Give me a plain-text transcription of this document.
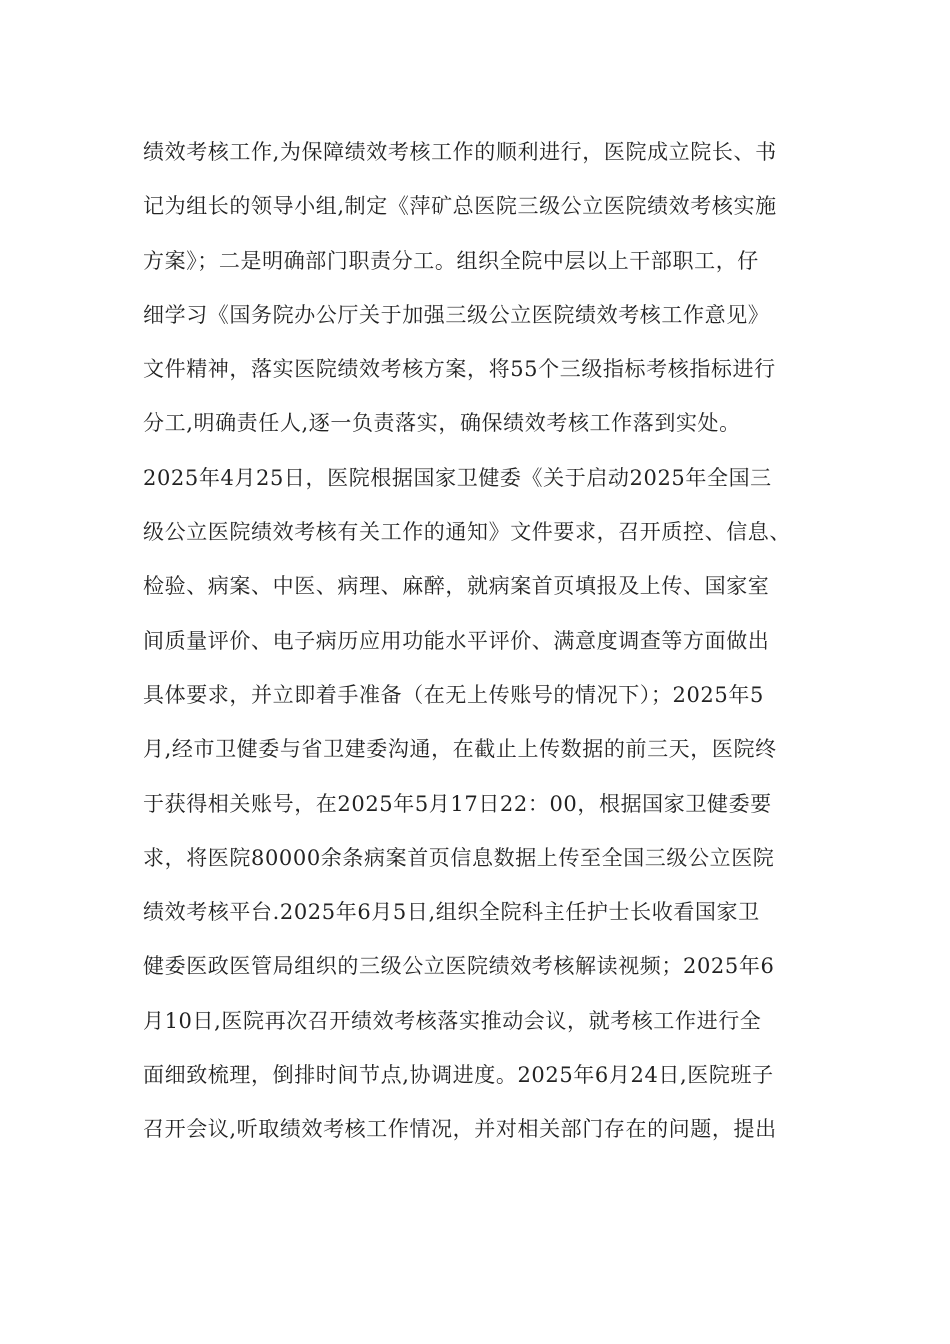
绩效考核工作,为保障绩效考核工作的顺利进行，医院成立院长、书
记为组长的领导小组,制定《萍矿总医院三级公立医院绩效考核实施
方案》；二是明确部门职责分工。组织全院中层以上干部职工，仔
细学习《国务院办公厅关于加强三级公立医院绩效考核工作意见》
文件精神，落实医院绩效考核方案，将55个三级指标考核指标进行
分工,明确责任人,逐一负责落实，确保绩效考核工作落到实处。
2025年4月25日，医院根据国家卫健委《关于启动2025年全国三
级公立医院绩效考核有关工作的通知》文件要求，召开质控、信息、
检验、病案、中医、病理、麻醉，就病案首页填报及上传、国家室
间质量评价、电子病历应用功能水平评价、满意度调查等方面做出
具体要求，并立即着手准备（在无上传账号的情况下）；2025年5
月,经市卫健委与省卫建委沟通，在截止上传数据的前三天，医院终
于获得相关账号，在2025年5月17日22：00，根据国家卫健委要
求，将医院80000余条病案首页信息数据上传至全国三级公立医院
绩效考核平台.2025年6月5日,组织全院科主任护士长收看国家卫
健委医政医管局组织的三级公立医院绩效考核解读视频；2025年6
月10日,医院再次召开绩效考核落实推动会议，就考核工作进行全
面细致梳理，倒排时间节点,协调进度。2025年6月24日,医院班子
召开会议,听取绩效考核工作情况，并对相关部门存在的问题，提出
